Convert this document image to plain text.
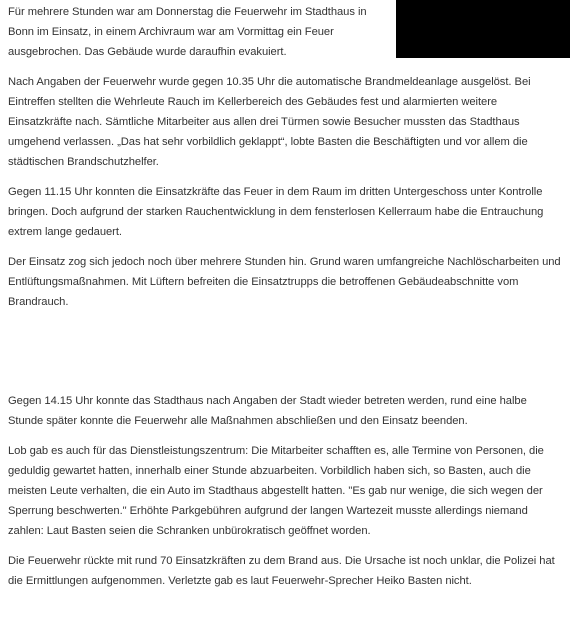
Für mehrere Stunden war am Donnerstag die Feuerwehr im Stadthaus in Bonn im Einsatz, in einem Archivraum war am Vormittag ein Feuer ausgebrochen. Das Gebäude wurde daraufhin evakuiert.

Nach Angaben der Feuerwehr wurde gegen 10.35 Uhr die automatische Brandmeldeanlage ausgelöst. Bei Eintreffen stellten die Wehrleute Rauch im Kellerbereich des Gebäudes fest und alarmierten weitere Einsatzkräfte nach. Sämtliche Mitarbeiter aus allen drei Türmen sowie Besucher mussten das Stadthaus umgehend verlassen. „Das hat sehr vorbildlich geklappt“, lobte Basten die Beschäftigten und vor allem die städtischen Brandschutzhelfer.

Gegen 11.15 Uhr konnten die Einsatzkräfte das Feuer in dem Raum im dritten Untergeschoss unter Kontrolle bringen. Doch aufgrund der starken Rauchentwicklung in dem fensterlosen Kellerraum habe die Entrauchung extrem lange gedauert.

Der Einsatz zog sich jedoch noch über mehrere Stunden hin. Grund waren umfangreiche Nachlöscharbeiten und Entlüftungsmaßnahmen. Mit Lüftern befreiten die Einsatztrupps die betroffenen Gebäudeabschnitte vom Brandrauch.

Gegen 14.15 Uhr konnte das Stadthaus nach Angaben der Stadt wieder betreten werden, rund eine halbe Stunde später konnte die Feuerwehr alle Maßnahmen abschließen und den Einsatz beenden.

Lob gab es auch für das Dienstleistungszentrum: Die Mitarbeiter schafften es, alle Termine von Personen, die geduldig gewartet hatten, innerhalb einer Stunde abzuarbeiten. Vorbildlich haben sich, so Basten, auch die meisten Leute verhalten, die ein Auto im Stadthaus abgestellt hatten. "Es gab nur wenige, die sich wegen der Sperrung beschwerten." Erhöhte Parkgebühren aufgrund der langen Wartezeit musste allerdings niemand zahlen: Laut Basten seien die Schranken unbürokratisch geöffnet worden.

Die Feuerwehr rückte mit rund 70 Einsatzkräften zu dem Brand aus. Die Ursache ist noch unklar, die Polizei hat die Ermittlungen aufgenommen. Verletzte gab es laut Feuerwehr-Sprecher Heiko Basten nicht.
